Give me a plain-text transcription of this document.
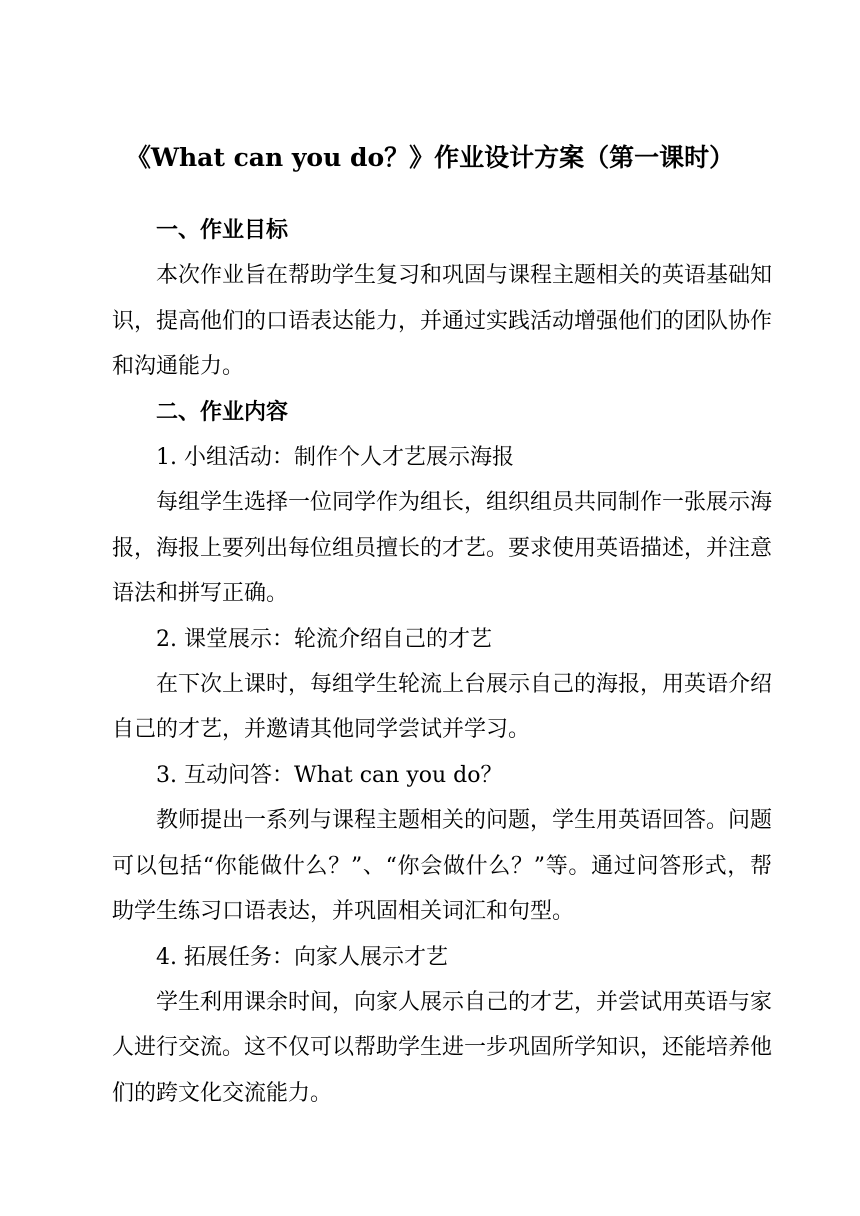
《What can you do？》作业设计方案（第一课时）

一、作业目标

本次作业旨在帮助学生复习和巩固与课程主题相关的英语基础知识，提高他们的口语表达能力，并通过实践活动增强他们的团队协作和沟通能力。

二、作业内容

1. 小组活动：制作个人才艺展示海报

每组学生选择一位同学作为组长，组织组员共同制作一张展示海报，海报上要列出每位组员擅长的才艺。要求使用英语描述，并注意语法和拼写正确。

2. 课堂展示：轮流介绍自己的才艺

在下次上课时，每组学生轮流上台展示自己的海报，用英语介绍自己的才艺，并邀请其他同学尝试并学习。

3. 互动问答：What can you do？

教师提出一系列与课程主题相关的问题，学生用英语回答。问题可以包括“你能做什么？”、“你会做什么？”等。通过问答形式，帮助学生练习口语表达，并巩固相关词汇和句型。

4. 拓展任务：向家人展示才艺

学生利用课余时间，向家人展示自己的才艺，并尝试用英语与家人进行交流。这不仅可以帮助学生进一步巩固所学知识，还能培养他们的跨文化交流能力。
